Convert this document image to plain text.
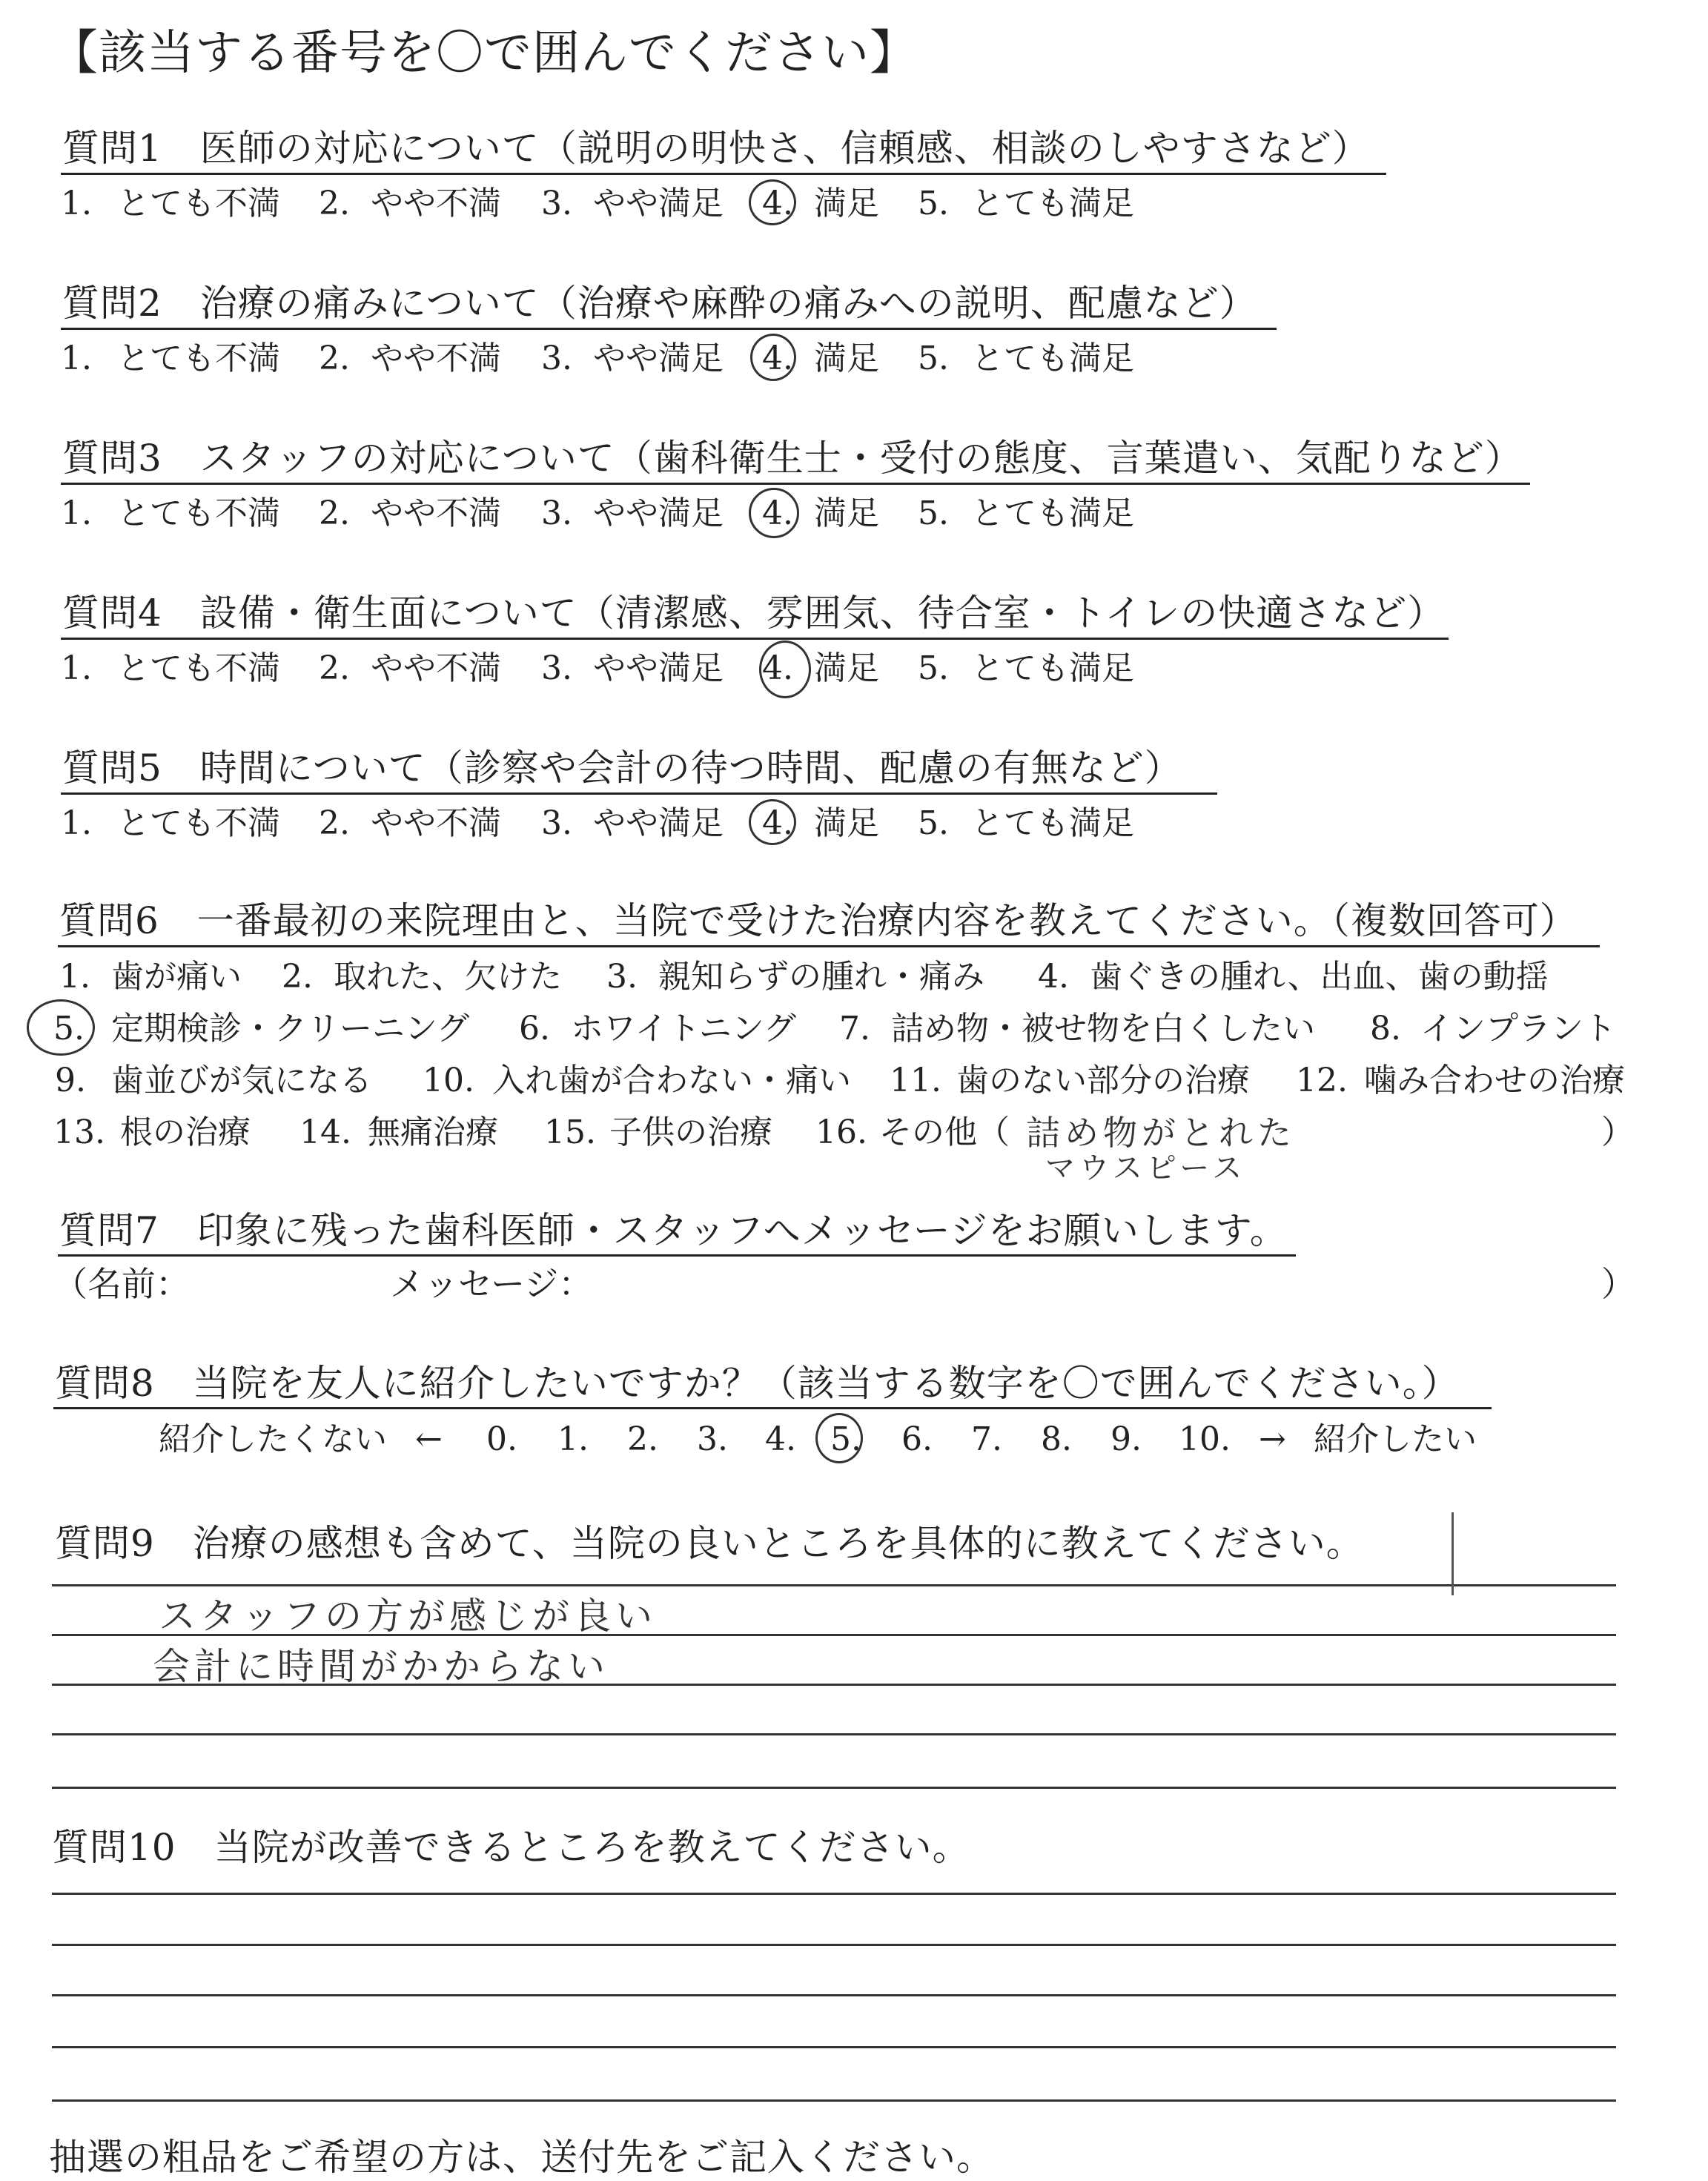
【該当する番号を〇で囲んでください】
質問1　医師の対応について（説明の明快さ、信頼感、相談のしやすさなど）
1. とても不満 2. やや不満 3. やや満足 4. 満足 5. とても満足
質問2　治療の痛みについて（治療や麻酔の痛みへの説明、配慮など）
1. とても不満 2. やや不満 3. やや満足 4. 満足 5. とても満足
質問3　スタッフの対応について（歯科衛生士・受付の態度、言葉遣い、気配りなど）
1. とても不満 2. やや不満 3. やや満足 4. 満足 5. とても満足
質問4　設備・衛生面について（清潔感、雰囲気、待合室・トイレの快適さなど）
1. とても不満 2. やや不満 3. やや満足 4. 満足 5. とても満足
質問5　時間について（診察や会計の待つ時間、配慮の有無など）
1. とても不満 2. やや不満 3. やや満足 4. 満足 5. とても満足
質問6　一番最初の来院理由と、当院で受けた治療内容を教えてください。（複数回答可）
1. 歯が痛い 2. 取れた、欠けた 3. 親知らずの腫れ・痛み 4. 歯ぐきの腫れ、出血、歯の動揺
5. 定期検診・クリーニング 6. ホワイトニング 7. 詰め物・被せ物を白くしたい 8. インプラント
9. 歯並びが気になる 10. 入れ歯が合わない・痛い 11. 歯のない部分の治療 12. 噛み合わせの治療
13. 根の治療 14. 無痛治療 15. 子供の治療 16. その他（	）
詰め物がとれた
マウスピース
質問7　印象に残った歯科医師・スタッフへメッセージをお願いします。
（名前：	メッセージ：	）
質問8　当院を友人に紹介したいですか？（該当する数字を〇で囲んでください。）
紹介したくない ← 0. 1. 2. 3. 4. 5. 6. 7. 8. 9. 10. → 紹介したい
質問9　治療の感想も含めて、当院の良いところを具体的に教えてください。
スタッフの方が感じが良い
会計に時間がかからない
質問10　当院が改善できるところを教えてください。
抽選の粗品をご希望の方は、送付先をご記入ください。
